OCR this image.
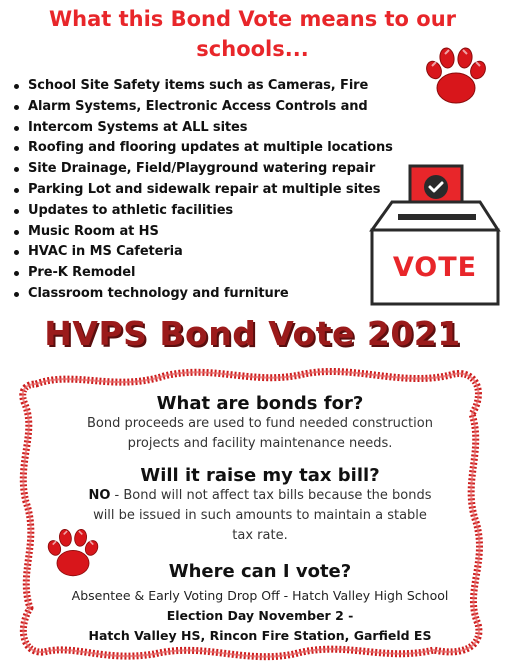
What this Bond Vote means to our
schools...
School Site Safety items such as Cameras, Fire
Alarm Systems, Electronic Access Controls and
Intercom Systems at ALL sites
Roofing and flooring updates at multiple locations
Site Drainage, Field/Playground watering repair
Parking Lot and sidewalk repair at multiple sites
Updates to athletic facilities
Music Room at HS
HVAC in MS Cafeteria
Pre-K Remodel
Classroom technology and furniture
VOTE
HVPS Bond Vote 2021
What are bonds for?
Bond proceeds are used to fund needed construction
projects and facility maintenance needs.
Will it raise my tax bill?
NO - Bond will not affect tax bills because the bonds
will be issued in such amounts to maintain a stable
tax rate.
Where can I vote?
Absentee & Early Voting Drop Off - Hatch Valley High School
Election Day November 2 -
Hatch Valley HS, Rincon Fire Station, Garfield ES
